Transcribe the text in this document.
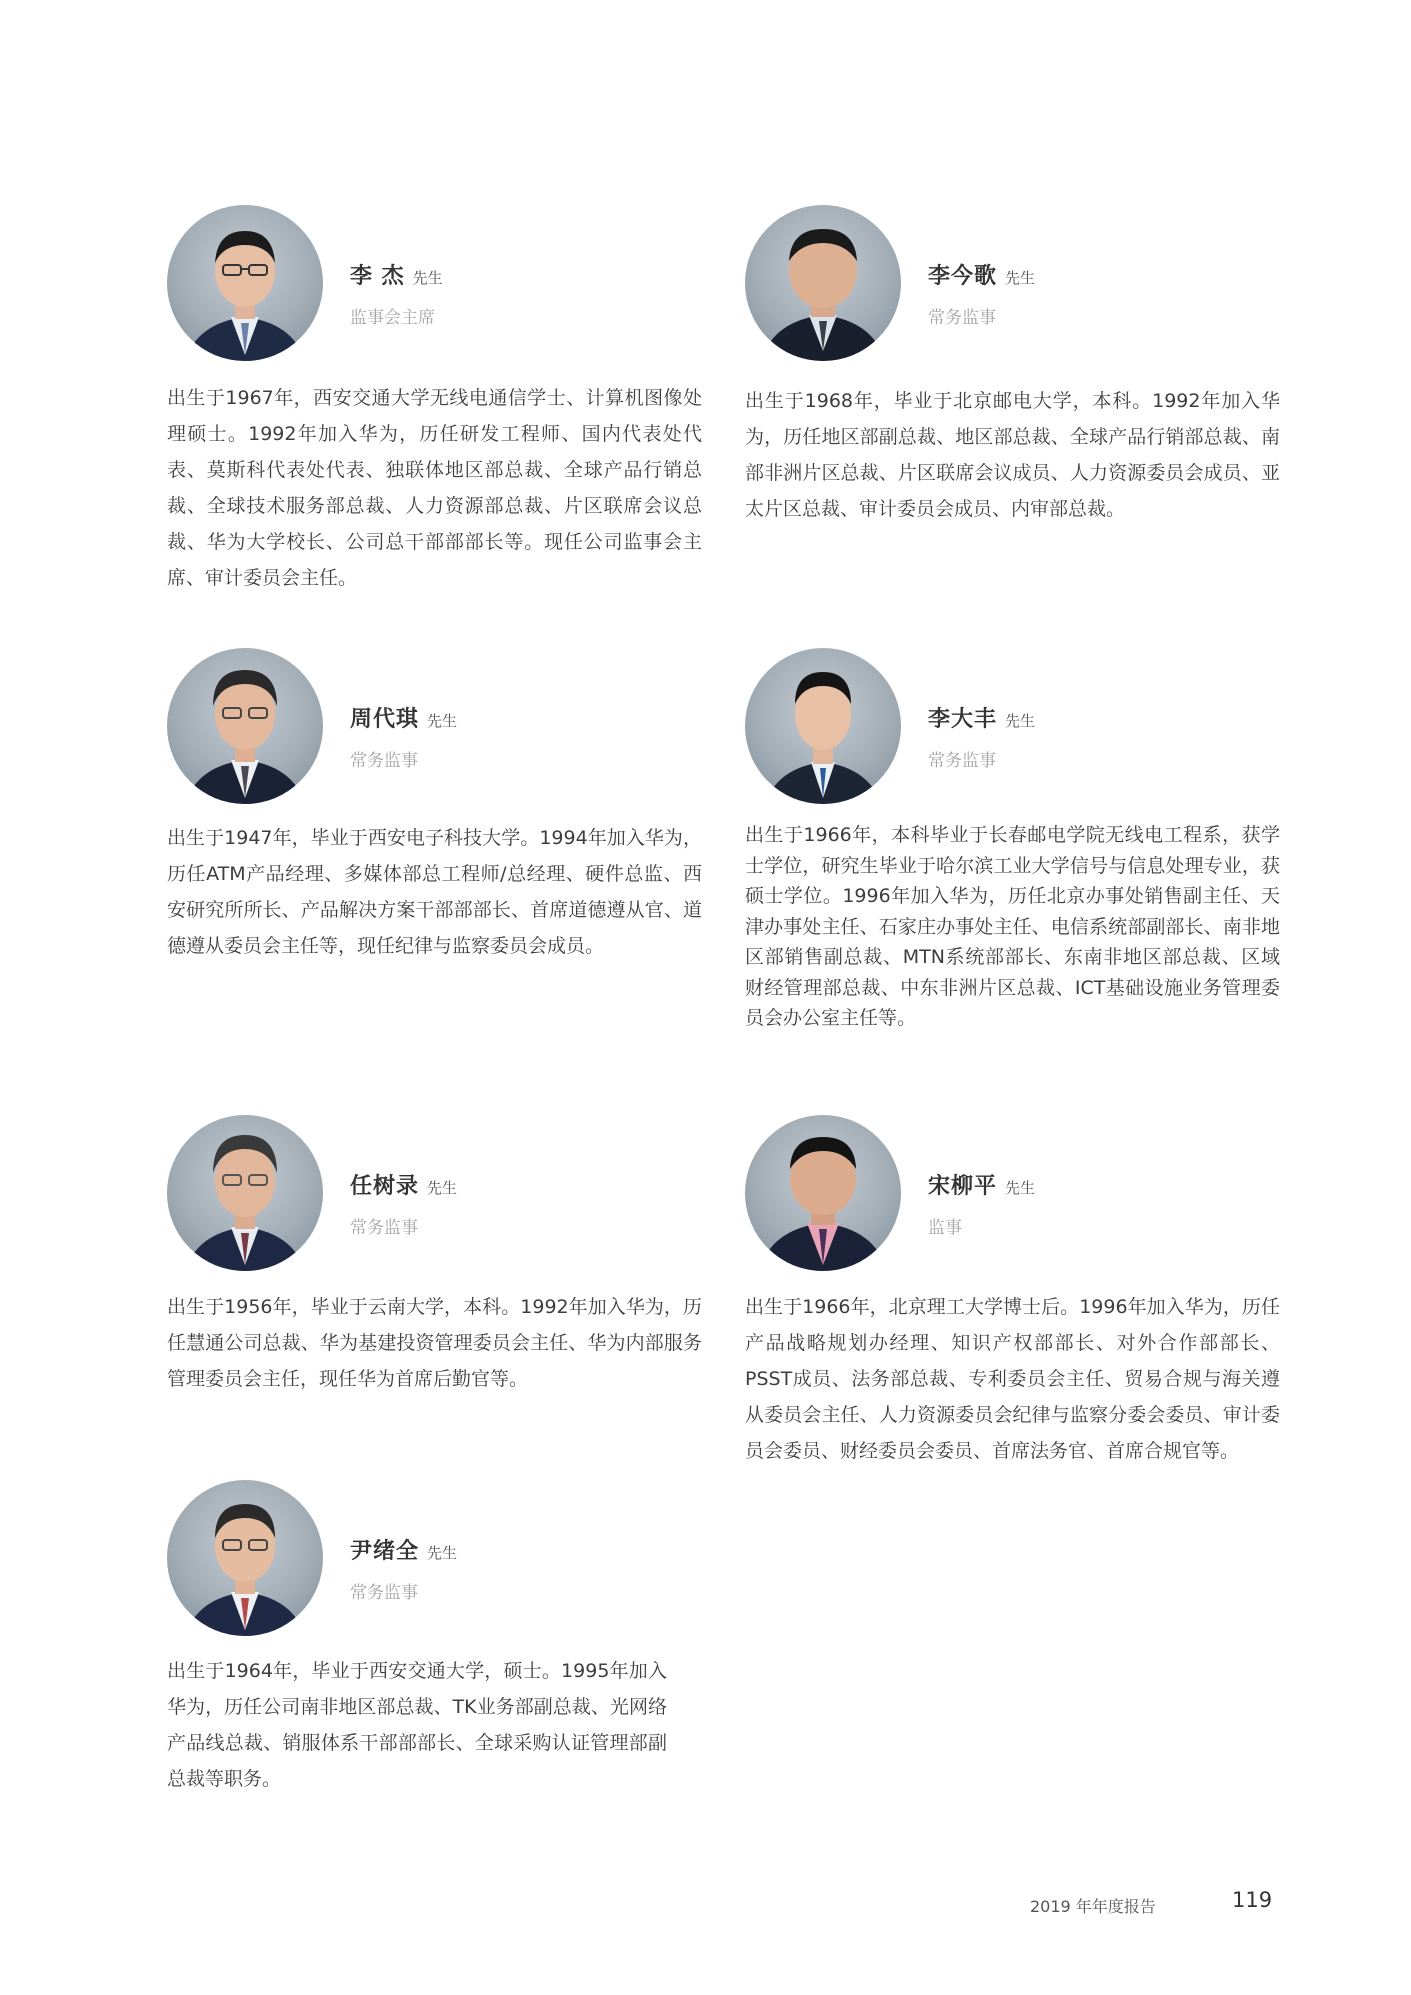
李 杰 先生
监事会主席

出生于1967年，西安交通大学无线电通信学士、计算机图像处理硕士。1992年加入华为，历任研发工程师、国内代表处代表、莫斯科代表处代表、独联体地区部总裁、全球产品行销总裁、全球技术服务部总裁、人力资源部总裁、片区联席会议总裁、华为大学校长、公司总干部部部长等。现任公司监事会主席、审计委员会主任。

李今歌 先生
常务监事

出生于1968年，毕业于北京邮电大学，本科。1992年加入华为，历任地区部副总裁、地区部总裁、全球产品行销部总裁、南部非洲片区总裁、片区联席会议成员、人力资源委员会成员、亚太片区总裁、审计委员会成员、内审部总裁。

周代琪 先生
常务监事

出生于1947年，毕业于西安电子科技大学。1994年加入华为，历任ATM产品经理、多媒体部总工程师/总经理、硬件总监、西安研究所所长、产品解决方案干部部部长、首席道德遵从官、道德遵从委员会主任等，现任纪律与监察委员会成员。

李大丰 先生
常务监事

出生于1966年，本科毕业于长春邮电学院无线电工程系，获学士学位，研究生毕业于哈尔滨工业大学信号与信息处理专业，获硕士学位。1996年加入华为，历任北京办事处销售副主任、天津办事处主任、石家庄办事处主任、电信系统部副部长、南非地区部销售副总裁、MTN系统部部长、东南非地区部总裁、区域财经管理部总裁、中东非洲片区总裁、ICT基础设施业务管理委员会办公室主任等。

任树录 先生
常务监事

出生于1956年，毕业于云南大学，本科。1992年加入华为，历任慧通公司总裁、华为基建投资管理委员会主任、华为内部服务管理委员会主任，现任华为首席后勤官等。

宋柳平 先生
监事

出生于1966年，北京理工大学博士后。1996年加入华为，历任产品战略规划办经理、知识产权部部长、对外合作部部长、PSST成员、法务部总裁、专利委员会主任、贸易合规与海关遵从委员会主任、人力资源委员会纪律与监察分委会委员、审计委员会委员、财经委员会委员、首席法务官、首席合规官等。

尹绪全 先生
常务监事

出生于1964年，毕业于西安交通大学，硕士。1995年加入华为，历任公司南非地区部总裁、TK业务部副总裁、光网络产品线总裁、销服体系干部部部长、全球采购认证管理部副总裁等职务。

2019 年年度报告	119
